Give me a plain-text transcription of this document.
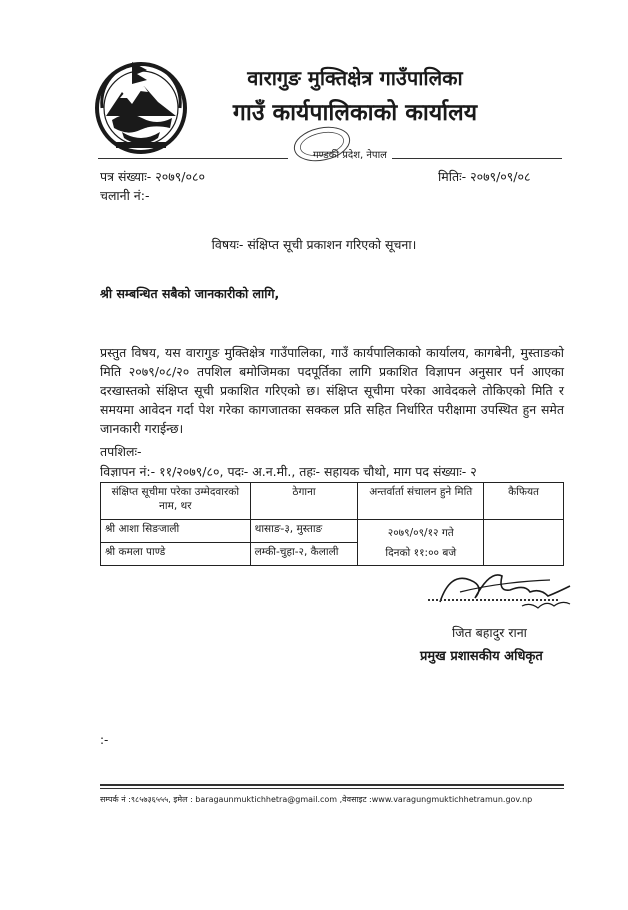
वारागुङ मुक्तिक्षेत्र गाउँपालिका
गाउँ कार्यपालिकाको कार्यालय
गण्डकी प्रदेश, नेपाल
पत्र संख्याः- २०७९/०८०
चलानी नं:-
मितिः- २०७९/०९/०८
विषयः- संक्षिप्त सूची प्रकाशन गरिएको सूचना।
श्री सम्बन्धित सबैको जानकारीको लागि,
प्रस्तुत विषय, यस वारागुङ मुक्तिक्षेत्र गाउँपालिका, गाउँ कार्यपालिकाको कार्यालय, कागबेनी, मुस्ताङको मिति २०७९/०८/२० तपशिल बमोजिमका पदपूर्तिका लागि प्रकाशित विज्ञापन अनुसार पर्न आएका दरखास्तको संक्षिप्त सूची प्रकाशित गरिएको छ। संक्षिप्त सूचीमा परेका आवेदकले तोकिएको मिति र समयमा आवेदन गर्दा पेश गरेका कागजातका सक्कल प्रति सहित निर्धारित परीक्षामा उपस्थित हुन समेत जानकारी गराईन्छ।
तपशिलः-
विज्ञापन नं:- ११/२०७९/८०, पदः- अ.न.मी., तहः- सहायक चौथो, माग पद संख्याः- २
संक्षिप्त सूचीमा परेका उम्मेदवारको नाम, थर	ठेगाना	अन्तर्वार्ता संचालन हुने मिति	कैफियत
श्री आशा सिङजाली	थासाङ-३, मुस्ताङ	२०७९/०९/१२ गते
दिनको ११:०० बजे	

श्री कमला पाण्डे	लम्की-चुहा-२, कैलाली		
जित बहादुर राना
प्रमुख प्रशासकीय अधिकृत
:-
सम्पर्क नं :९८५७३६५५५, इमेल : baragaunmuktichhetra@gmail.com ,वेवसाइट :www.varagungmuktichhetramun.gov.np
